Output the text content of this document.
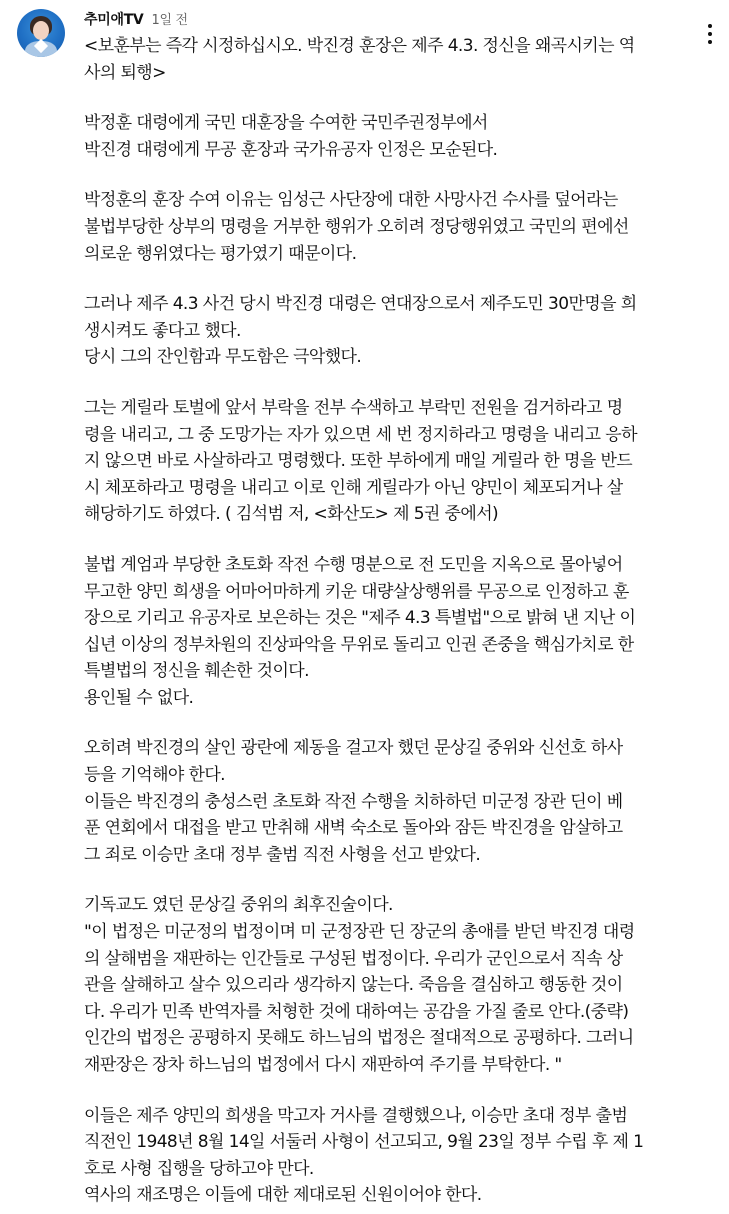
추미애TV 1일 전
<보훈부는 즉각 시정하십시오. 박진경 훈장은 제주 4.3. 정신을 왜곡시키는 역
사의 퇴행>
박정훈 대령에게 국민 대훈장을 수여한 국민주권정부에서
박진경 대령에게 무공 훈장과 국가유공자 인정은 모순된다.
박정훈의 훈장 수여 이유는 임성근 사단장에 대한 사망사건 수사를 덮어라는
불법부당한 상부의 명령을 거부한 행위가 오히려 정당행위였고 국민의 편에선
의로운 행위였다는 평가였기 때문이다.
그러나 제주 4.3 사건 당시 박진경 대령은 연대장으로서 제주도민 30만명을 희
생시켜도 좋다고 했다.
당시 그의 잔인함과 무도함은 극악했다.
그는 게릴라 토벌에 앞서 부락을 전부 수색하고 부락민 전원을 검거하라고 명
령을 내리고, 그 중 도망가는 자가 있으면 세 번 정지하라고 명령을 내리고 응하
지 않으면 바로 사살하라고 명령했다. 또한 부하에게 매일 게릴라 한 명을 반드
시 체포하라고 명령을 내리고 이로 인해 게릴라가 아닌 양민이 체포되거나 살
해당하기도 하였다. ( 김석범 저, <화산도> 제 5권 중에서)
불법 계엄과 부당한 초토화 작전 수행 명분으로 전 도민을 지옥으로 몰아넣어
무고한 양민 희생을 어마어마하게 키운 대량살상행위를 무공으로 인정하고 훈
장으로 기리고 유공자로 보은하는 것은 "제주 4.3 특별법"으로 밝혀 낸 지난 이
십년 이상의 정부차원의 진상파악을 무위로 돌리고 인권 존중을 핵심가치로 한
특별법의 정신을 훼손한 것이다.
용인될 수 없다.
오히려 박진경의 살인 광란에 제동을 걸고자 했던 문상길 중위와 신선호 하사
등을 기억해야 한다.
이들은 박진경의 충성스런 초토화 작전 수행을 치하하던 미군정 장관 딘이 베
푼 연회에서 대접을 받고 만취해 새벽 숙소로 돌아와 잠든 박진경을 암살하고
그 죄로 이승만 초대 정부 출범 직전 사형을 선고 받았다.
기독교도 였던 문상길 중위의 최후진술이다.
"이 법정은 미군정의 법정이며 미 군정장관 딘 장군의 총애를 받던 박진경 대령
의 살해범을 재판하는 인간들로 구성된 법정이다. 우리가 군인으로서 직속 상
관을 살해하고 살수 있으리라 생각하지 않는다. 죽음을 결심하고 행동한 것이
다. 우리가 민족 반역자를 처형한 것에 대하여는 공감을 가질 줄로 안다.(중략)
인간의 법정은 공평하지 못해도 하느님의 법정은 절대적으로 공평하다. 그러니
재판장은 장차 하느님의 법정에서 다시 재판하여 주기를 부탁한다. "
이들은 제주 양민의 희생을 막고자 거사를 결행했으나, 이승만 초대 정부 출범
직전인 1948년 8월 14일 서둘러 사형이 선고되고, 9월 23일 정부 수립 후 제 1
호로 사형 집행을 당하고야 만다.
역사의 재조명은 이들에 대한 제대로된 신원이어야 한다.
